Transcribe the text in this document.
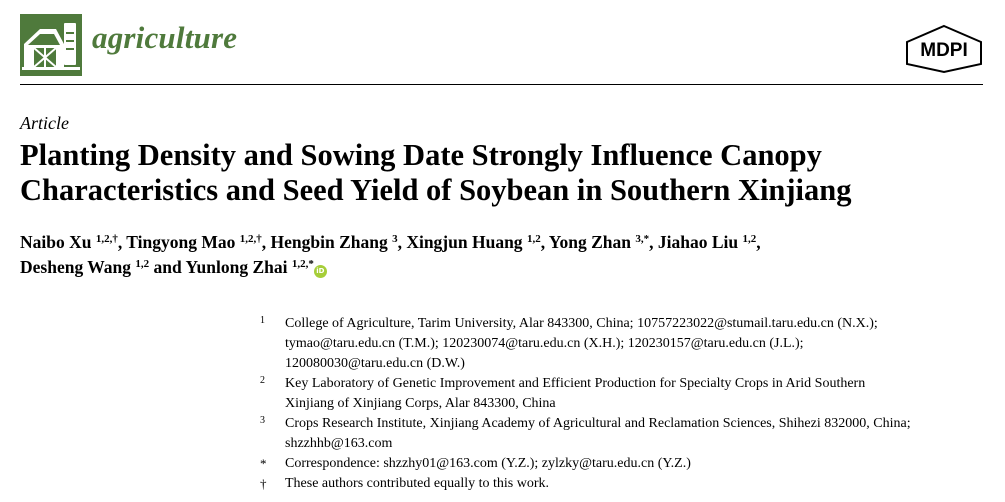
agriculture	MDPI
Article
Planting Density and Sowing Date Strongly Influence Canopy
Characteristics and Seed Yield of Soybean in Southern Xinjiang
Naibo Xu $^{1,2,\dagger}$, Tingyong Mao $^{1,2,\dagger}$, Hengbin Zhang $^3$, Xingjun Huang $^{1,2}$, Yong Zhan $^{3,*}$, Jiahao Liu $^{1,2}$,
Desheng Wang $^{1,2}$ and Yunlong Zhai $^{1,2,*}$iD
1 College of Agriculture, Tarim University, Alar 843300, China; 10757223022@stumail.taru.edu.cn (N.X.);
tymao@taru.edu.cn (T.M.); 120230074@taru.edu.cn (X.H.); 120230157@taru.edu.cn (J.L.);
120080030@taru.edu.cn (D.W.)
2 Key Laboratory of Genetic Improvement and Efficient Production for Specialty Crops in Arid Southern
Xinjiang of Xinjiang Corps, Alar 843300, China
3 Crops Research Institute, Xinjiang Academy of Agricultural and Reclamation Sciences, Shihezi 832000, China;
shzzhhb@163.com
* Correspondence: shzzhy01@163.com (Y.Z.); zylzky@taru.edu.cn (Y.Z.)
† These authors contributed equally to this work.
